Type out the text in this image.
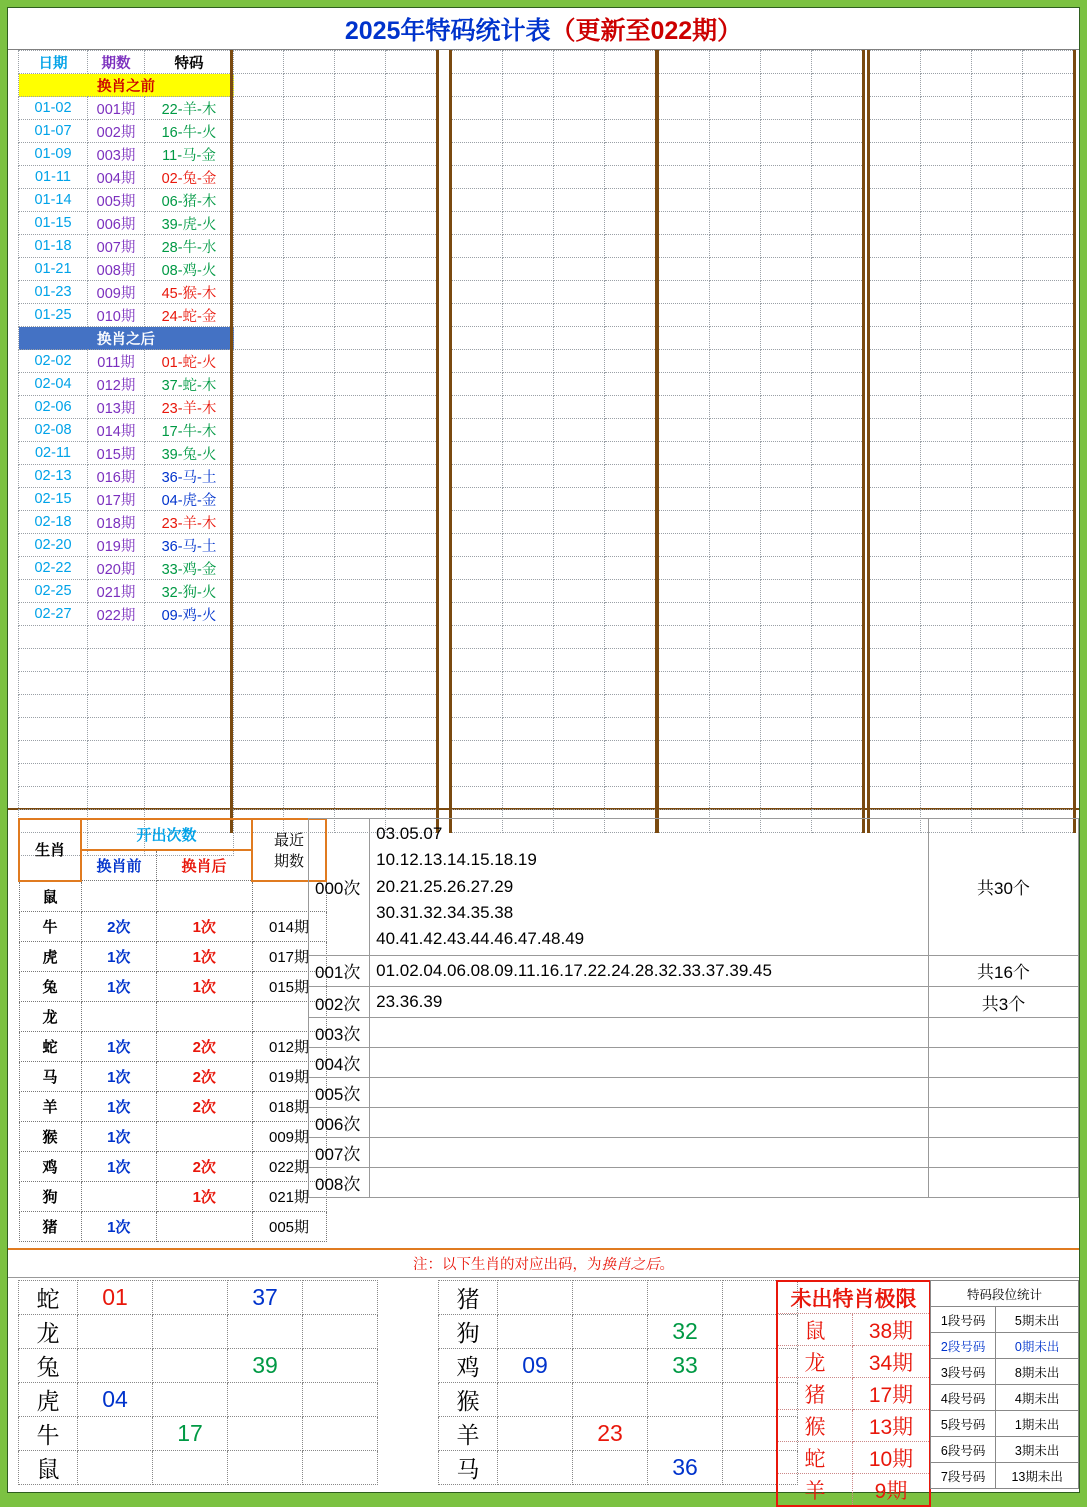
2025年特码统计表 （更新至022期）
日期	期数	特码
换肖之前		
01-02	001期	22-羊-木
01-07	002期	16-牛-火
01-09	003期	11-马-金
01-11	004期	02-兔-金
01-14	005期	06-猪-木
01-15	006期	39-虎-火
01-18	007期	28-牛-水
01-21	008期	08-鸡-火
01-23	009期	45-猴-木
01-25	010期	24-蛇-金
换肖之后		
02-02	011期	01-蛇-火
02-04	012期	37-蛇-木
02-06	013期	23-羊-木
02-08	014期	17-牛-木
02-11	015期	39-兔-火
02-13	016期	36-马-土
02-15	017期	04-虎-金
02-18	018期	23-羊-木
02-20	019期	36-马-土
02-22	020期	33-鸡-金
02-25	021期	32-狗-火
02-27	022期	09-鸡-火

生肖	开出次数		最近
期数
	换肖前	换肖后	
鼠			
牛	2次	1次	014期
虎	1次	1次	017期
兔	1次	1次	015期
龙			
蛇	1次	2次	012期
马	1次	2次	019期
羊	1次	2次	018期
猴	1次		009期
鸡	1次	2次	022期
狗		1次	021期
猪	1次		005期
000次	03.05.07
10.12.13.14.15.18.19
20.21.25.26.27.29
30.31.32.34.35.38
40.41.42.43.44.46.47.48.49	共30个
001次	01.02.04.06.08.09.11.16.17.22.24.28.32.33.37.39.45	共16个
002次	23.36.39	共3个
003次	

004次	

005次	

006次	

007次	

008次	

注：以下生肖的对应出码，为 换肖之后 。
蛇	01		37	
龙				
兔			39	
虎	04			
牛		17		
鼠				
猪				
狗			32	
鸡	09		33	
猴				
羊		23		
马			36	
未出特肖极限	
鼠	38期
龙	34期
猪	17期
猴	13期
蛇	10期
羊	9期
特码段位统计	
1段号码	5期未出
2段号码	0期未出
3段号码	8期未出
4段号码	4期未出
5段号码	1期未出
6段号码	3期未出
7段号码	13期未出
